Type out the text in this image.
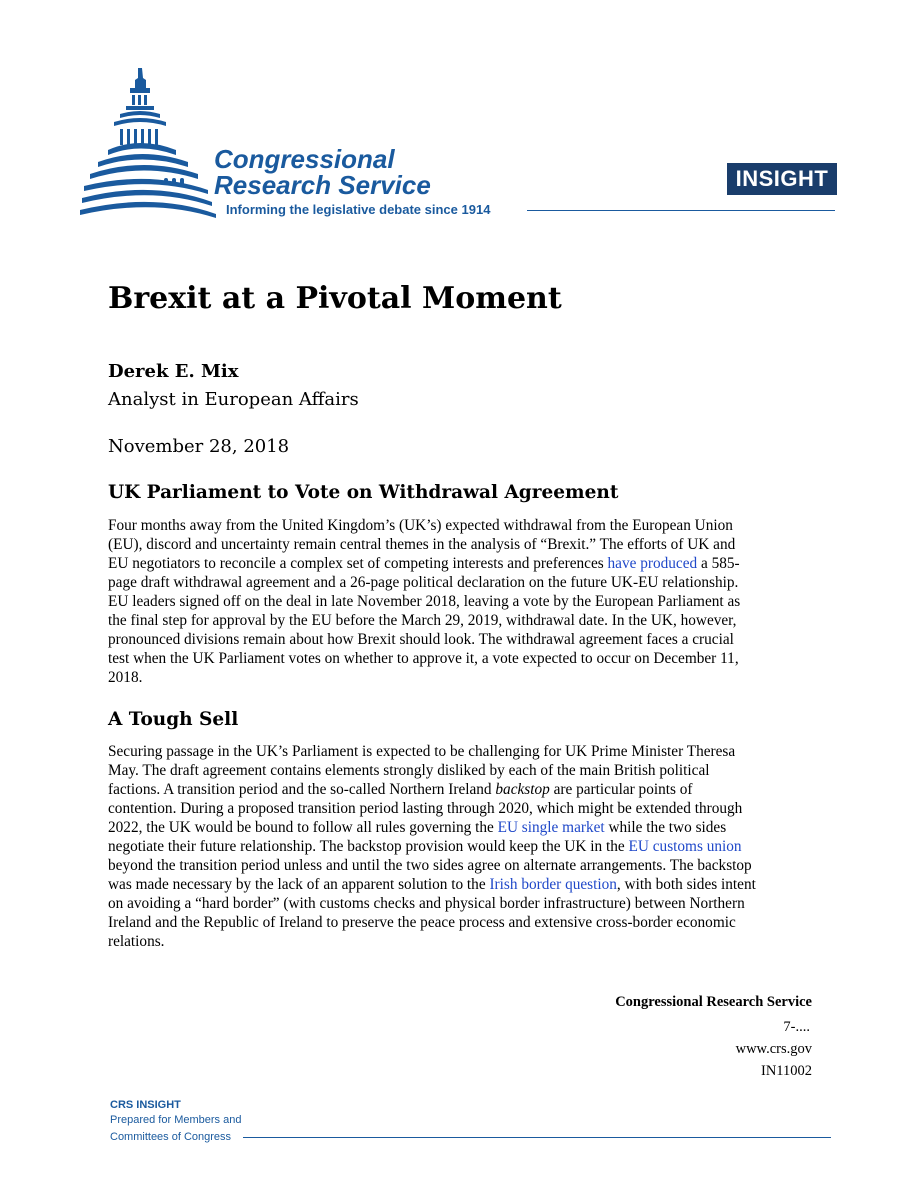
Congressional
Research Service
Informing the legislative debate since 1914
INSIGHT
Brexit at a Pivotal Moment
Derek E. Mix
Analyst in European Affairs
November 28, 2018
UK Parliament to Vote on Withdrawal Agreement
Four months away from the United Kingdom’s (UK’s) expected withdrawal from the European Union
(EU), discord and uncertainty remain central themes in the analysis of “Brexit.” The efforts of UK and
EU negotiators to reconcile a complex set of competing interests and preferences have produced a 585-
page draft withdrawal agreement and a 26-page political declaration on the future UK-EU relationship.
EU leaders signed off on the deal in late November 2018, leaving a vote by the European Parliament as
the final step for approval by the EU before the March 29, 2019, withdrawal date. In the UK, however,
pronounced divisions remain about how Brexit should look. The withdrawal agreement faces a crucial
test when the UK Parliament votes on whether to approve it, a vote expected to occur on December 11,
2018.
A Tough Sell
Securing passage in the UK’s Parliament is expected to be challenging for UK Prime Minister Theresa
May. The draft agreement contains elements strongly disliked by each of the main British political
factions. A transition period and the so-called Northern Ireland backstop are particular points of
contention. During a proposed transition period lasting through 2020, which might be extended through
2022, the UK would be bound to follow all rules governing the EU single market while the two sides
negotiate their future relationship. The backstop provision would keep the UK in the EU customs union
beyond the transition period unless and until the two sides agree on alternate arrangements. The backstop
was made necessary by the lack of an apparent solution to the Irish border question, with both sides intent
on avoiding a “hard border” (with customs checks and physical border infrastructure) between Northern
Ireland and the Republic of Ireland to preserve the peace process and extensive cross-border economic
relations.
Congressional Research Service
7-....
www.crs.gov
IN11002
CRS INSIGHT
Prepared for Members and
Committees of Congress
